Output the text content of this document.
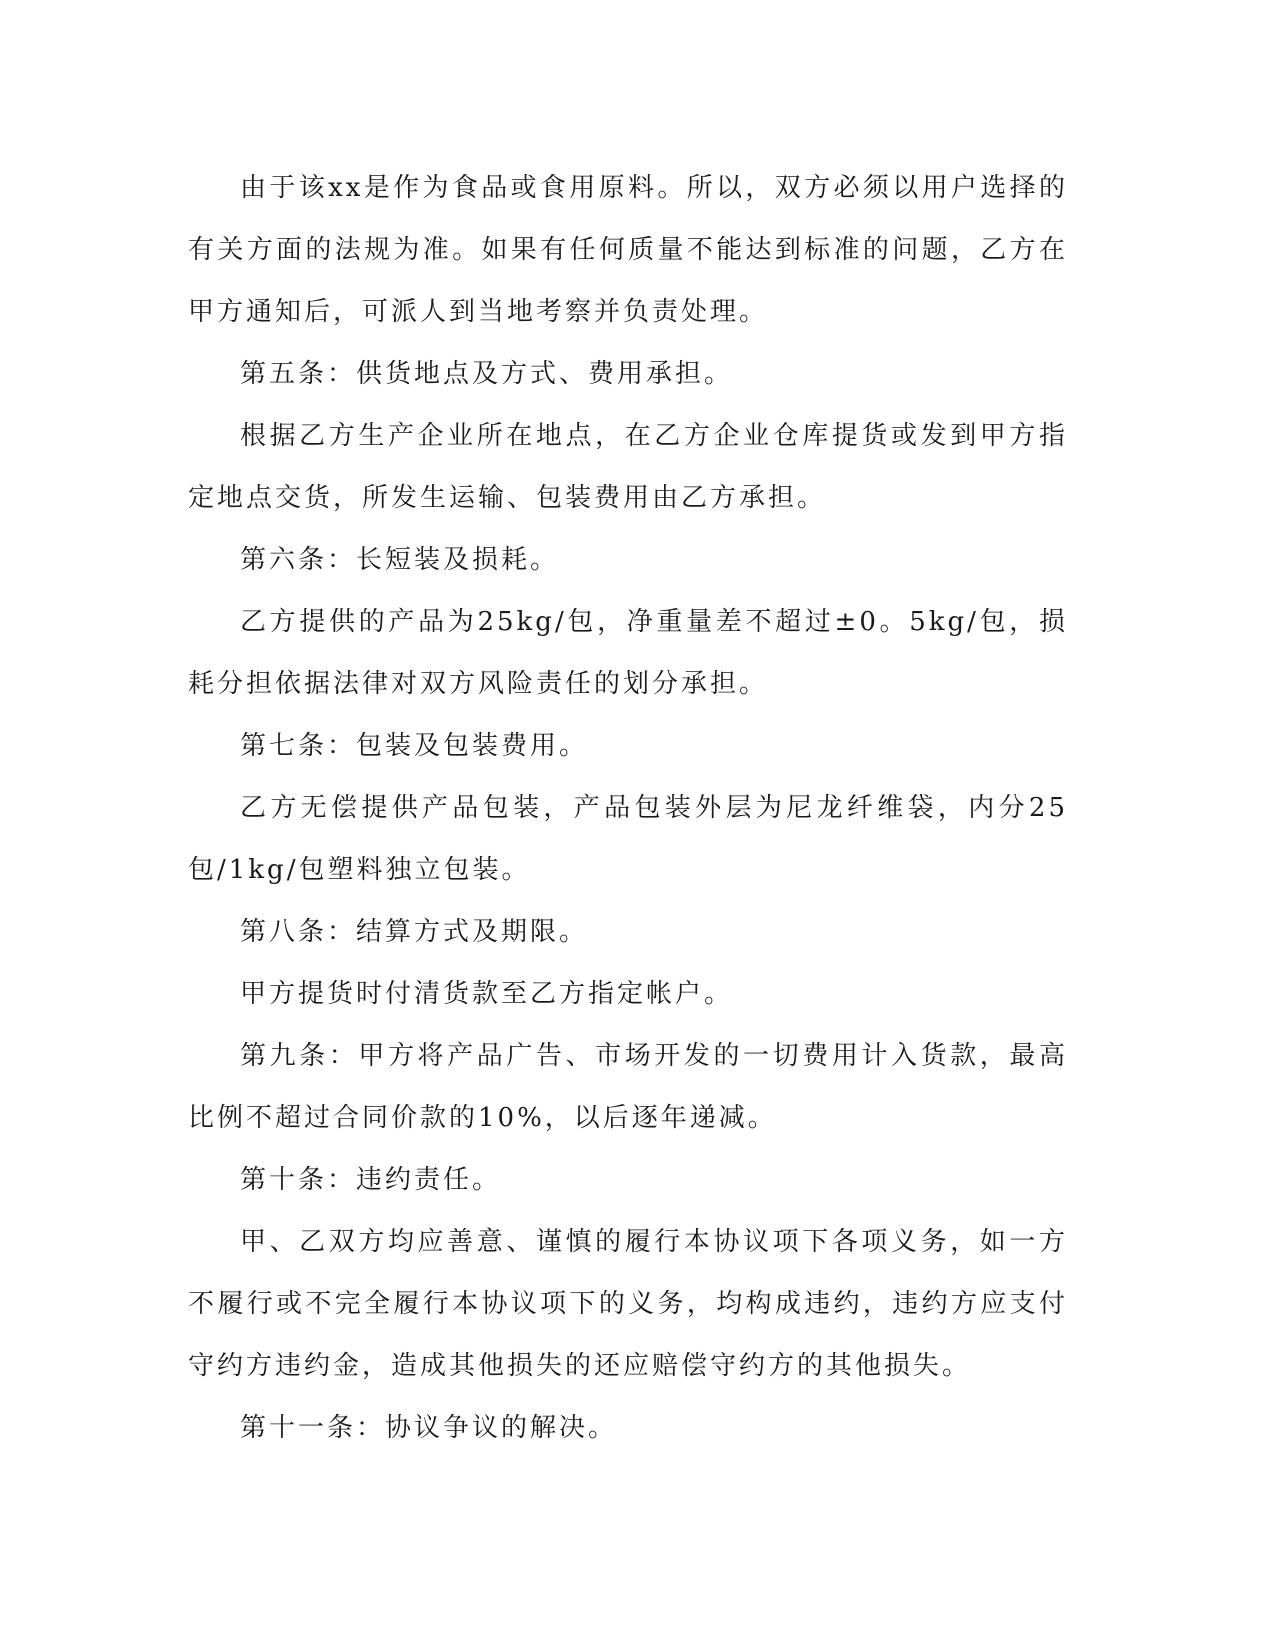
由于该xx是作为食品或食用原料。所以，双方必须以用户选择的有关方面的法规为准。如果有任何质量不能达到标准的问题，乙方在甲方通知后，可派人到当地考察并负责处理。

第五条：供货地点及方式、费用承担。

根据乙方生产企业所在地点，在乙方企业仓库提货或发到甲方指定地点交货，所发生运输、包装费用由乙方承担。

第六条：长短装及损耗。

乙方提供的产品为25kg/包，净重量差不超过±0。5kg/包，损耗分担依据法律对双方风险责任的划分承担。

第七条：包装及包装费用。

乙方无偿提供产品包装，产品包装外层为尼龙纤维袋，内分25包/1kg/包塑料独立包装。

第八条：结算方式及期限。

甲方提货时付清货款至乙方指定帐户。

第九条：甲方将产品广告、市场开发的一切费用计入货款，最高比例不超过合同价款的10%，以后逐年递减。

第十条：违约责任。

甲、乙双方均应善意、谨慎的履行本协议项下各项义务，如一方不履行或不完全履行本协议项下的义务，均构成违约，违约方应支付守约方违约金，造成其他损失的还应赔偿守约方的其他损失。

第十一条：协议争议的解决。
